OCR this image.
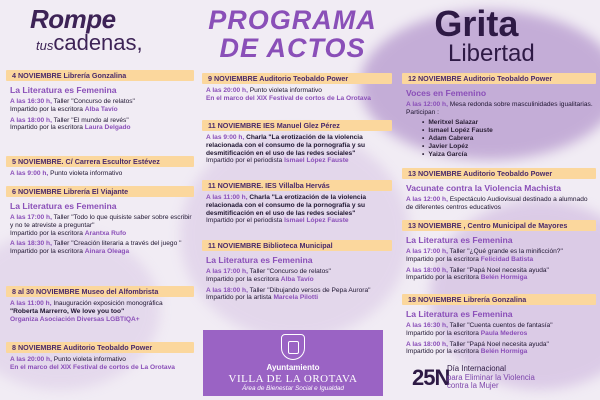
Rompe
tuscadenas,
PROGRAMA
DE ACTOS
Grita
Libertad
4 NOVIEMBRE Librería Gonzalina
La Literatura es Femenina
A las 16:30 h, Taller "Concurso de relatos"
Impartido por la escritora Alba Tavío
A las 18:00 h, Taller "El mundo al revés"
Impartido por la escritora Laura Delgado
5 NOVIEMBRE. C/ Carrera Escultor Estévez
A las 9:00 h, Punto violeta informativo
6 NOVIEMBRE Librería El Viajante
La Literatura es Femenina
A las 17:00 h, Taller "Todo lo que quisiste saber sobre escribir y no te atreviste a preguntar"
Impartido por la escritora Arantxa Rufo
A las 18:30 h, Taller "Creación literaria a través del juego "
Impartido por la escritora Ainara Oleaga
8 al 30 NOVIEMBRE Museo del Alfombrista
A las 11:00 h, Inauguración exposición monográfica
"Roberta Marrerro, We love you too"
Organiza Asociación Diversas LGBTIQA+
8 NOVIEMBRE Auditorio Teobaldo Power
A las 20:00 h, Punto violeta informativo
En el marco del XIX Festival de cortos de La Orotava
9 NOVIEMBRE Auditorio Teobaldo Power
A las 20:00 h, Punto violeta informativo
En el marco del XIX Festival de cortos de La Orotava
11 NOVIEMBRE IES Manuel Glez Pérez
A las 9:00 h, Charla "La erotización de la violencia relacionada con el consumo de la pornografía y su desmitificación en el uso de las redes sociales"
Impartido por el periodista Ismael López Fauste
11 NOVIEMBRE. IES Villalba Hervás
A las 11:00 h, Charla "La erotización de la violencia relacionada con el consumo de la pornografía y su desmitificación en el uso de las redes sociales"
Impartido por el periodista Ismael López Fauste
11 NOVIEMBRE Biblioteca Municipal
La Literatura es Femenina
A las 17:00 h, Taller "Concurso de relatos"
Impartido por la escritora Alba Tavío
A las 18:00 h, Taller "Dibujando versos de Pepa Aurora"
Impartido por la artista Marcela Pilotti
12 NOVIEMBRE Auditorio Teobaldo Power
Voces en Femenino
A las 12:00 h, Mesa redonda sobre masculinidades igualitarias. Participan :
• Meritxel Salazar
• Ismael Lopéz Fauste
• Adam Cabrera
• Javier Lopéz
• Yaiza García
13 NOVIEMBRE Auditorio Teobaldo Power
Vacunate contra la Violencia Machista
A las 12:00 h, Espectáculo Audiovisual destinado a alumnado de diferentes centros educativos
13 NOVIEMBRE , Centro Municipal de Mayores
La Literatura es Femenina
A las 17:00 h, Taller "¿Qué grande es la minificción?"
Impartido por la escritora Felicidad Batista
A las 18:00 h, Taller "Papá Noel necesita ayuda"
Impartido por la escritora Belén Hormiga
18 NOVIEMBRE Librería Gonzalina
La Literatura es Femenina
A las 16:30 h, Taller "Cuenta cuentos de fantasía"
Impartido por la escritora Paula Mederos
A las 18:00 h, Taller "Papá Noel necesita ayuda"
Impartido por la escritora Belén Hormiga
Ayuntamiento
VILLA DE LA OROTAVA
Área de Bienestar Social e Igualdad	25N
Día Internacional
para Eliminar la Violencia
contra la Mujer
